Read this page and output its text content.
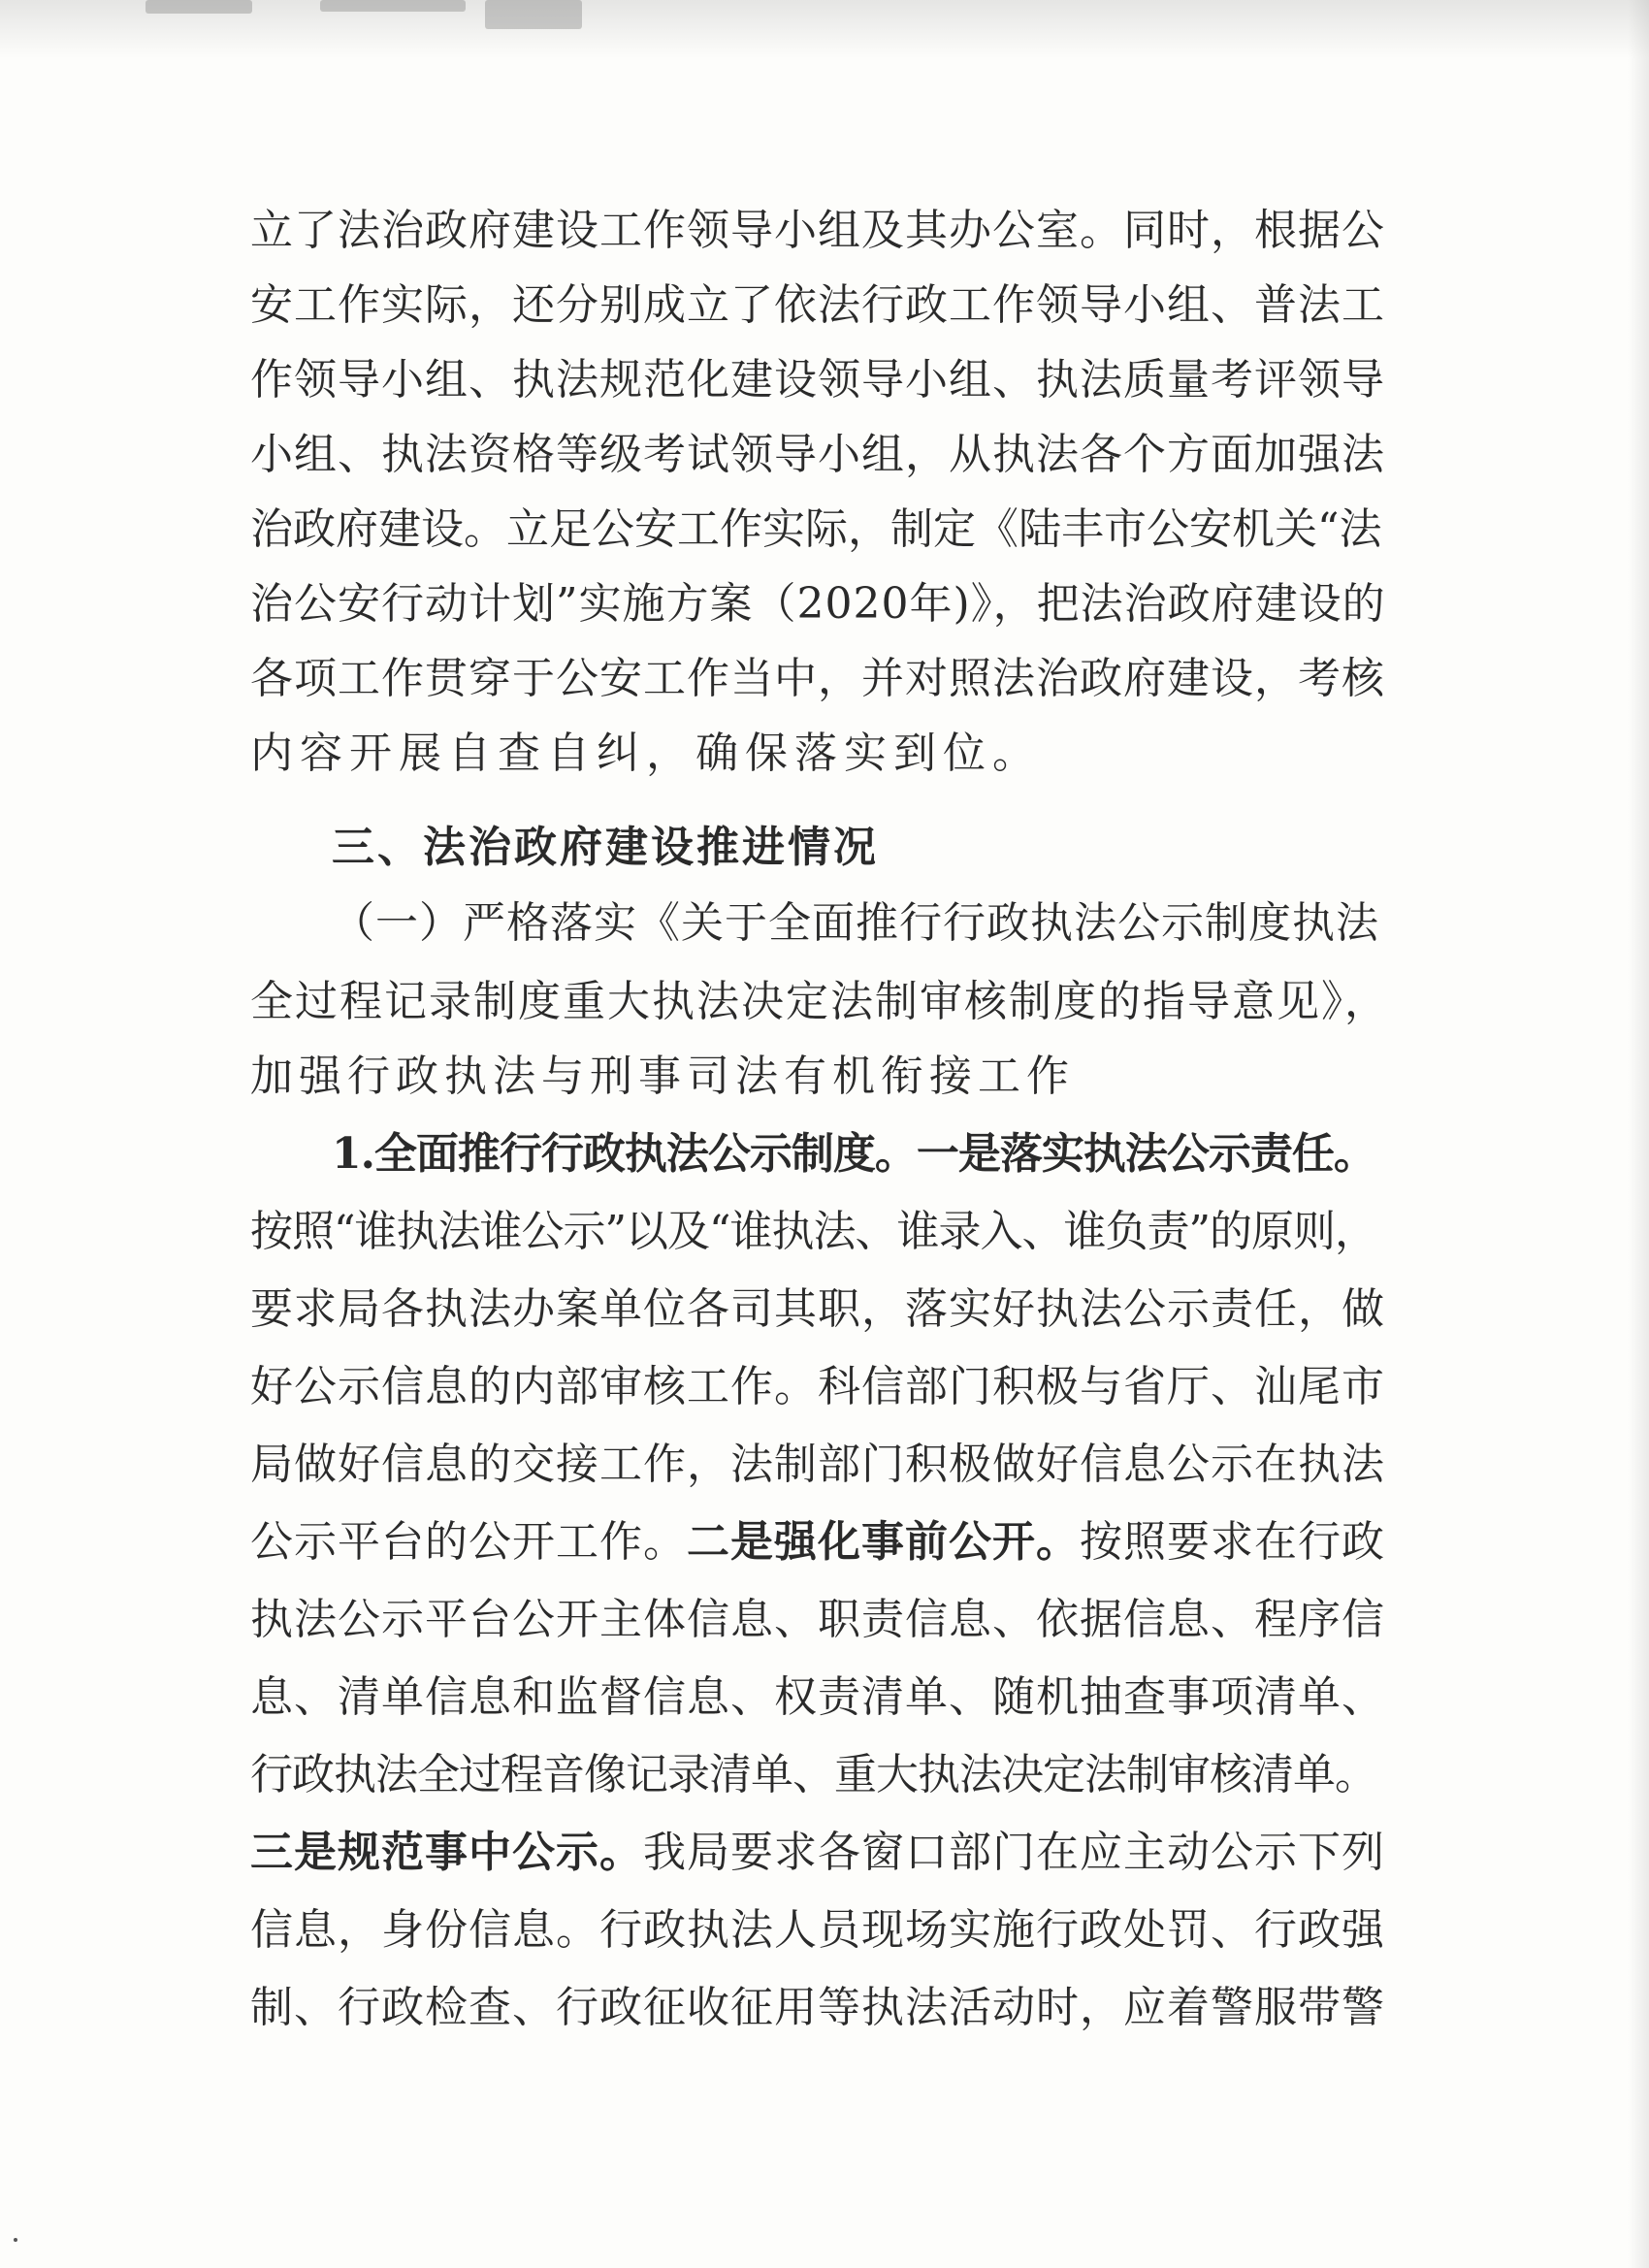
立了法治政府建设工作领导小组及其办公室。同时，根据公
安工作实际，还分别成立了依法行政工作领导小组、普法工
作领导小组、执法规范化建设领导小组、执法质量考评领导
小组、执法资格等级考试领导小组，从执法各个方面加强法
治政府建设。立足公安工作实际，制定《陆丰市公安机关“法
治公安行动计划”实施方案（2020年)》，把法治政府建设的
各项工作贯穿于公安工作当中，并对照法治政府建设，考核
内容开展自查自纠，确保落实到位。
三、法治政府建设推进情况
（一）严格落实《关于全面推行行政执法公示制度执法
全过程记录制度重大执法决定法制审核制度的指导意见》，
加强行政执法与刑事司法有机衔接工作
1.全面推行行政执法公示制度。一是落实执法公示责任。
按照“谁执法谁公示”以及“谁执法、谁录入、谁负责”的原则，
要求局各执法办案单位各司其职，落实好执法公示责任，做
好公示信息的内部审核工作。科信部门积极与省厅、汕尾市
局做好信息的交接工作，法制部门积极做好信息公示在执法
公示平台的公开工作。二是强化事前公开。按照要求在行政
执法公示平台公开主体信息、职责信息、依据信息、程序信
息、清单信息和监督信息、权责清单、随机抽查事项清单、
行政执法全过程音像记录清单、重大执法决定法制审核清单。
三是规范事中公示。我局要求各窗口部门在应主动公示下列
信息，身份信息。行政执法人员现场实施行政处罚、行政强
制、行政检查、行政征收征用等执法活动时，应着警服带警
